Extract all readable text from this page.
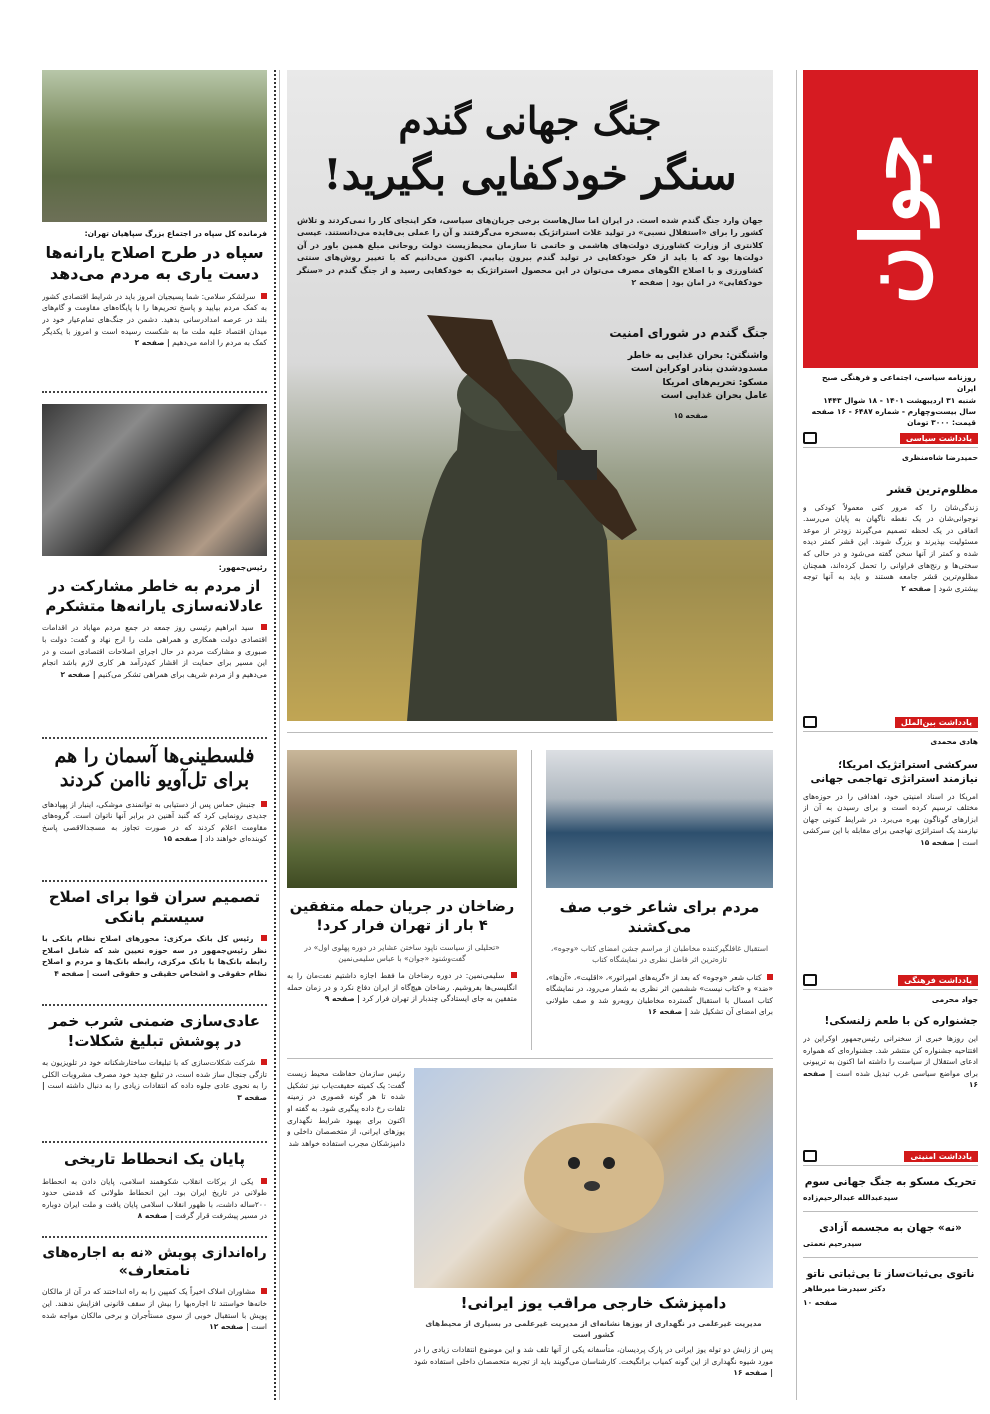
جوان
روزنامه سیاسی، اجتماعی و فرهنگی صبح ایران
شنبه ۳۱ اردیبهشت ۱۴۰۱ - ۱۸ شوال ۱۴۴۳
سال بیست‌وچهارم - شماره ۶۴۸۷ - ۱۶ صفحه
قیمت: ۳۰۰۰ تومان
یادداشت سیاسی
حمیدرضا شاه‌منظری
مظلوم‌ترین قشر
زندگی‌شان را که مرور کنی معمولاً کودکی و نوجوانی‌شان در یک نقطه ناگهان به پایان می‌رسد. اتفاقی در یک لحظه تصمیم می‌گیرند زودتر از موعد مسئولیت بپذیرند و بزرگ شوند. این قشر کمتر دیده شده و کمتر از آنها سخن گفته می‌شود و در حالی که سختی‌ها و رنج‌های فراوانی را تحمل کرده‌اند، همچنان مظلوم‌ترین قشر جامعه هستند و باید به آنها توجه بیشتری شود | صفحه ۲
یادداشت بین‌الملل
هادی محمدی
سرکشی استراتژیک امریکا؛ نیازمند استراتژی تهاجمی جهانی
امریکا در اسناد امنیتی خود، اهدافی را در حوزه‌های مختلف ترسیم کرده است و برای رسیدن به آن از ابزارهای گوناگون بهره می‌برد. در شرایط کنونی جهان نیازمند یک استراتژی تهاجمی برای مقابله با این سرکشی است | صفحه ۱۵
یادداشت فرهنگی
جواد محرمی
جشنواره کن با طعم زلنسکی!
این روزها خبری از سخنرانی رئیس‌جمهور اوکراین در افتتاحیه جشنواره کن منتشر شد. جشنواره‌ای که همواره ادعای استقلال از سیاست را داشته اما اکنون به تریبونی برای مواضع سیاسی غرب تبدیل شده است | صفحه ۱۶
یادداشت امنیتی
تحریک مسکو به جنگ جهانی سوم
سیدعبدالله عبدالرحیم‌زاده
«نه» جهان به مجسمه آزادی
سیدرحیم نعمتی
ناتوی بی‌ثبات‌ساز تا بی‌ثباتی ناتو
دکتر سیدرضا میرطاهر
صفحه ۱۰
جنگ جهانی گندم
سنگر خودکفایی بگیرید!
جهان وارد جنگ گندم شده است. در ایران اما سال‌هاست برخی جریان‌های سیاسی، فکر اینجای کار را نمی‌کردند و تلاش کشور را برای «استقلال نسبی» در تولید غلات استراتژیک به‌سخره می‌گرفتند و آن را عملی بی‌فایده می‌دانستند. عیسی کلانتری از وزارت کشاورزی دولت‌های هاشمی و خاتمی تا سازمان محیط‌زیست دولت روحانی مبلغ همین باور در آن دولت‌ها بود که با باید از فکر خودکفایی در تولید گندم بیرون بیاییم. اکنون می‌دانیم که با تغییر روش‌های سنتی کشاورزی و با اصلاح الگوهای مصرف می‌توان در این محصول استراتژیک به خودکفایی رسید و از جنگ گندم در «سنگر خودکفایی» در امان بود | صفحه ۲
جنگ گندم در شورای امنیت
واشنگتن: بحران غذایی به خاطر
مسدودشدن بنادر اوکراین است
مسکو: تحریم‌های امریکا
عامل بحران غذایی است
صفحه ۱۵
مردم برای شاعر خوب صف می‌کشند
استقبال غافلگیرکننده مخاطبان از مراسم جشن امضای کتاب «وجوه»، تازه‌ترین اثر فاضل نظری در نمایشگاه کتاب
کتاب شعر «وجوه» که بعد از «گریه‌های امپراتور»، «اقلیت»، «آن‌ها»، «ضد» و «کتاب نیست» ششمین اثر نظری به شمار می‌رود، در نمایشگاه کتاب امسال با استقبال گسترده مخاطبان روبه‌رو شد و صف طولانی برای امضای آن تشکیل شد | صفحه ۱۶
رضاخان در جریان حمله متفقین ۴ بار از تهران فرار کرد!
«تحلیلی از سیاست ناپود ساختن عشایر در دوره پهلوی اول» در گفت‌وشنود «جوان» با عباس سلیمی‌نمین
سلیمی‌نمین: در دوره رضاخان ما فقط اجازه داشتیم نفت‌مان را به انگلیسی‌ها بفروشیم. رضاخان هیچ‌گاه از ایران دفاع نکرد و در زمان حمله متفقین به جای ایستادگی چندبار از تهران فرار کرد | صفحه ۹
رئیس سازمان حفاظت محیط زیست گفت: یک کمیته حقیقت‌یاب نیز تشکیل شده تا هر گونه قصوری در زمینه تلفات رخ داده پیگیری شود. به گفته او اکنون برای بهبود شرایط نگهداری یوزهای ایرانی، از متخصصان داخلی و دامپزشکان مجرب استفاده خواهد شد
دامپزشک خارجی مراقب یوز ایرانی!
مدیریت غیرعلمی در نگهداری از یوزها نشانه‌ای از مدیریت غیرعلمی در بسیاری از محیط‌های کشور است
پس از زایش دو توله یوز ایرانی در پارک پردیسان، متأسفانه یکی از آنها تلف شد و این موضوع انتقادات زیادی را در مورد شیوه نگهداری از این گونه کمیاب برانگیخت. کارشناسان می‌گویند باید از تجربه متخصصان داخلی استفاده شود | صفحه ۱۶
فرمانده کل سپاه در اجتماع بزرگ سپاهیان تهران:
سپاه در طرح اصلاح یارانه‌ها دست یاری به مردم می‌دهد
سرلشکر سلامی: شما پسیجیان امروز باید در شرایط اقتصادی کشور به کمک مردم بیایید و پاسخ تحریم‌ها را با پایگاه‌های مقاومت و گام‌های بلند در عرصه امدادرسانی بدهید. دشمن در جنگ‌های تمام‌عیار خود در میدان اقتصاد علیه ملت ما به شکست رسیده است و امروز با یکدیگر کمک به مردم را ادامه می‌دهیم | صفحه ۲
رئیس‌جمهور:
از مردم به خاطر مشارکت در عادلانه‌سازی یارانه‌ها متشکرم
سید ابراهیم رئیسی روز جمعه در جمع مردم مهاباد در اقدامات اقتصادی دولت همکاری و همراهی ملت را ارج نهاد و گفت: دولت با صبوری و مشارکت مردم در حال اجرای اصلاحات اقتصادی است و در این مسیر برای حمایت از اقشار کم‌درآمد هر کاری لازم باشد انجام می‌دهیم و از مردم شریف برای همراهی تشکر می‌کنیم | صفحه ۲
فلسطینی‌ها آسمان را هم برای تل‌آویو ناامن کردند
جنبش حماس پس از دستیابی به توانمندی موشکی، اینبار از پهپادهای جدیدی رونمایی کرد که گنبد آهنین در برابر آنها ناتوان است. گروه‌های مقاومت اعلام کردند که در صورت تجاوز به مسجدالاقصی پاسخ کوبنده‌ای خواهند داد | صفحه ۱۵
تصمیم سران قوا برای اصلاح سیستم بانکی
رئیس کل بانک مرکزی: محورهای اصلاح نظام بانکی با نظر رئیس‌جمهور در سه حوزه تعیین شد که شامل اصلاح رابطه بانک‌ها با بانک مرکزی، رابطه بانک‌ها و مردم و اصلاح نظام حقوقی و اشخاص حقیقی و حقوقی است | صفحه ۴
عادی‌سازی ضمنی شرب خمر در پوشش تبلیغ شکلات!
شرکت شکلات‌سازی که با تبلیغات ساختارشکنانه خود در تلویزیون به تازگی جنجال ساز شده است، در تبلیغ جدید خود مصرف مشروبات الکلی را به نحوی عادی جلوه داده که انتقادات زیادی را به دنبال داشته است | صفحه ۳
پایان یک انحطاط تاریخی
یکی از برکات انقلاب شکوهمند اسلامی، پایان دادن به انحطاط طولانی در تاریخ ایران بود. این انحطاط طولانی که قدمتی حدود ۲۰۰ساله داشت، با ظهور انقلاب اسلامی پایان یافت و ملت ایران دوباره در مسیر پیشرفت قرار گرفت | صفحه ۸
راه‌اندازی پویش «نه به اجاره‌های نامتعارف»
مشاوران املاک اخیراً یک کمپین را به راه انداختند که در آن از مالکان خانه‌ها خواستند تا اجاره‌بها را بیش از سقف قانونی افزایش ندهند. این پویش با استقبال خوبی از سوی مستأجران و برخی مالکان مواجه شده است | صفحه ۱۲
